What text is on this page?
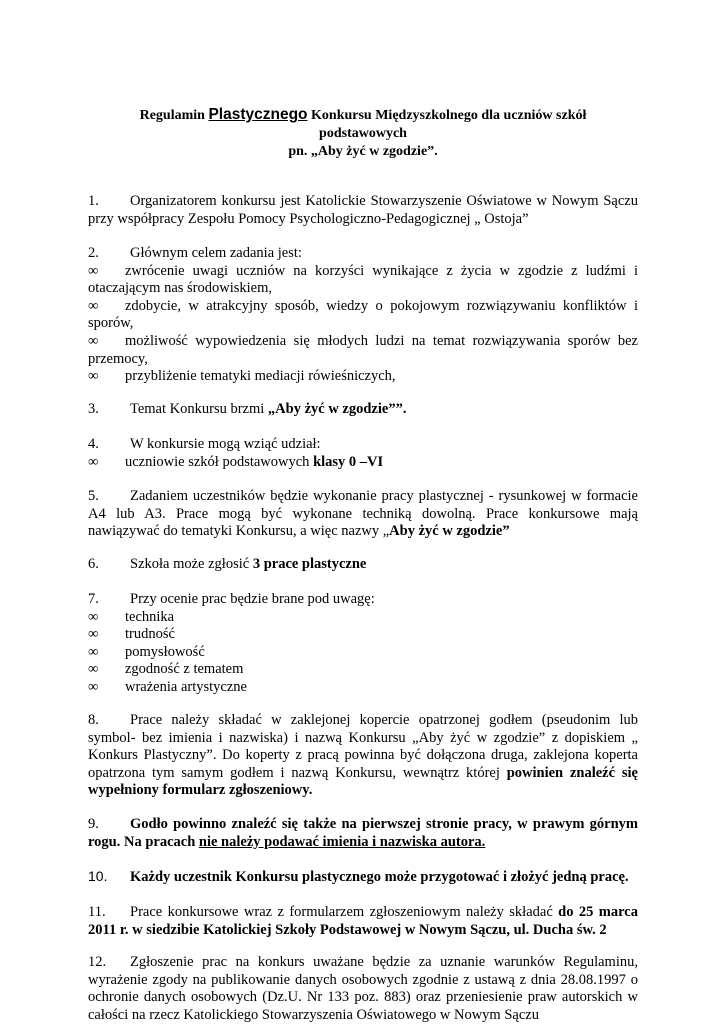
Regulamin Plastycznego Konkursu Międzyszkolnego dla uczniów szkół
podstawowych
pn. „Aby żyć w zgodzie”.
1. Organizatorem konkursu jest Katolickie Stowarzyszenie Oświatowe w Nowym Sączu przy współpracy Zespołu Pomocy Psychologiczno-Pedagogicznej „ Ostoja”
2. Głównym celem zadania jest:
∞ zwrócenie uwagi uczniów na korzyści wynikające z życia w zgodzie z ludźmi i otaczającym nas środowiskiem,
∞ zdobycie, w atrakcyjny sposób, wiedzy o pokojowym rozwiązywaniu konfliktów i sporów,
∞ możliwość wypowiedzenia się młodych ludzi na temat rozwiązywania sporów bez przemocy,
∞ przybliżenie tematyki mediacji rówieśniczych,
3. Temat Konkursu brzmi „Aby żyć w zgodzie””.
4. W konkursie mogą wziąć udział:
∞ uczniowie szkół podstawowych klasy 0 –VI
5. Zadaniem uczestników będzie wykonanie pracy plastycznej - rysunkowej w formacie A4 lub A3. Prace mogą być wykonane techniką dowolną. Prace konkursowe mają nawiązywać do tematyki Konkursu, a więc nazwy „Aby żyć w zgodzie”
6. Szkoła może zgłosić 3 prace plastyczne
7. Przy ocenie prac będzie brane pod uwagę:
∞ technika
∞ trudność
∞ pomysłowość
∞ zgodność z tematem
∞ wrażenia artystyczne
8. Prace należy składać w zaklejonej kopercie opatrzonej godłem (pseudonim lub symbol- bez imienia i nazwiska) i nazwą Konkursu „Aby żyć w zgodzie” z dopiskiem „ Konkurs Plastyczny”. Do koperty z pracą powinna być dołączona druga, zaklejona koperta opatrzona tym samym godłem i nazwą Konkursu, wewnątrz której powinien znaleźć się wypełniony formularz zgłoszeniowy.
9. Godło powinno znaleźć się także na pierwszej stronie pracy, w prawym górnym rogu. Na pracach nie należy podawać imienia i nazwiska autora.
10. Każdy uczestnik Konkursu plastycznego może przygotować i złożyć jedną pracę.
11. Prace konkursowe wraz z formularzem zgłoszeniowym należy składać do 25 marca 2011 r. w siedzibie Katolickiej Szkoły Podstawowej w Nowym Sączu, ul. Ducha św. 2
12. Zgłoszenie prac na konkurs uważane będzie za uznanie warunków Regulaminu, wyrażenie zgody na publikowanie danych osobowych zgodnie z ustawą z dnia 28.08.1997 o ochronie danych osobowych (Dz.U. Nr 133 poz. 883) oraz przeniesienie praw autorskich w całości na rzecz Katolickiego Stowarzyszenia Oświatowego w Nowym Sączu
